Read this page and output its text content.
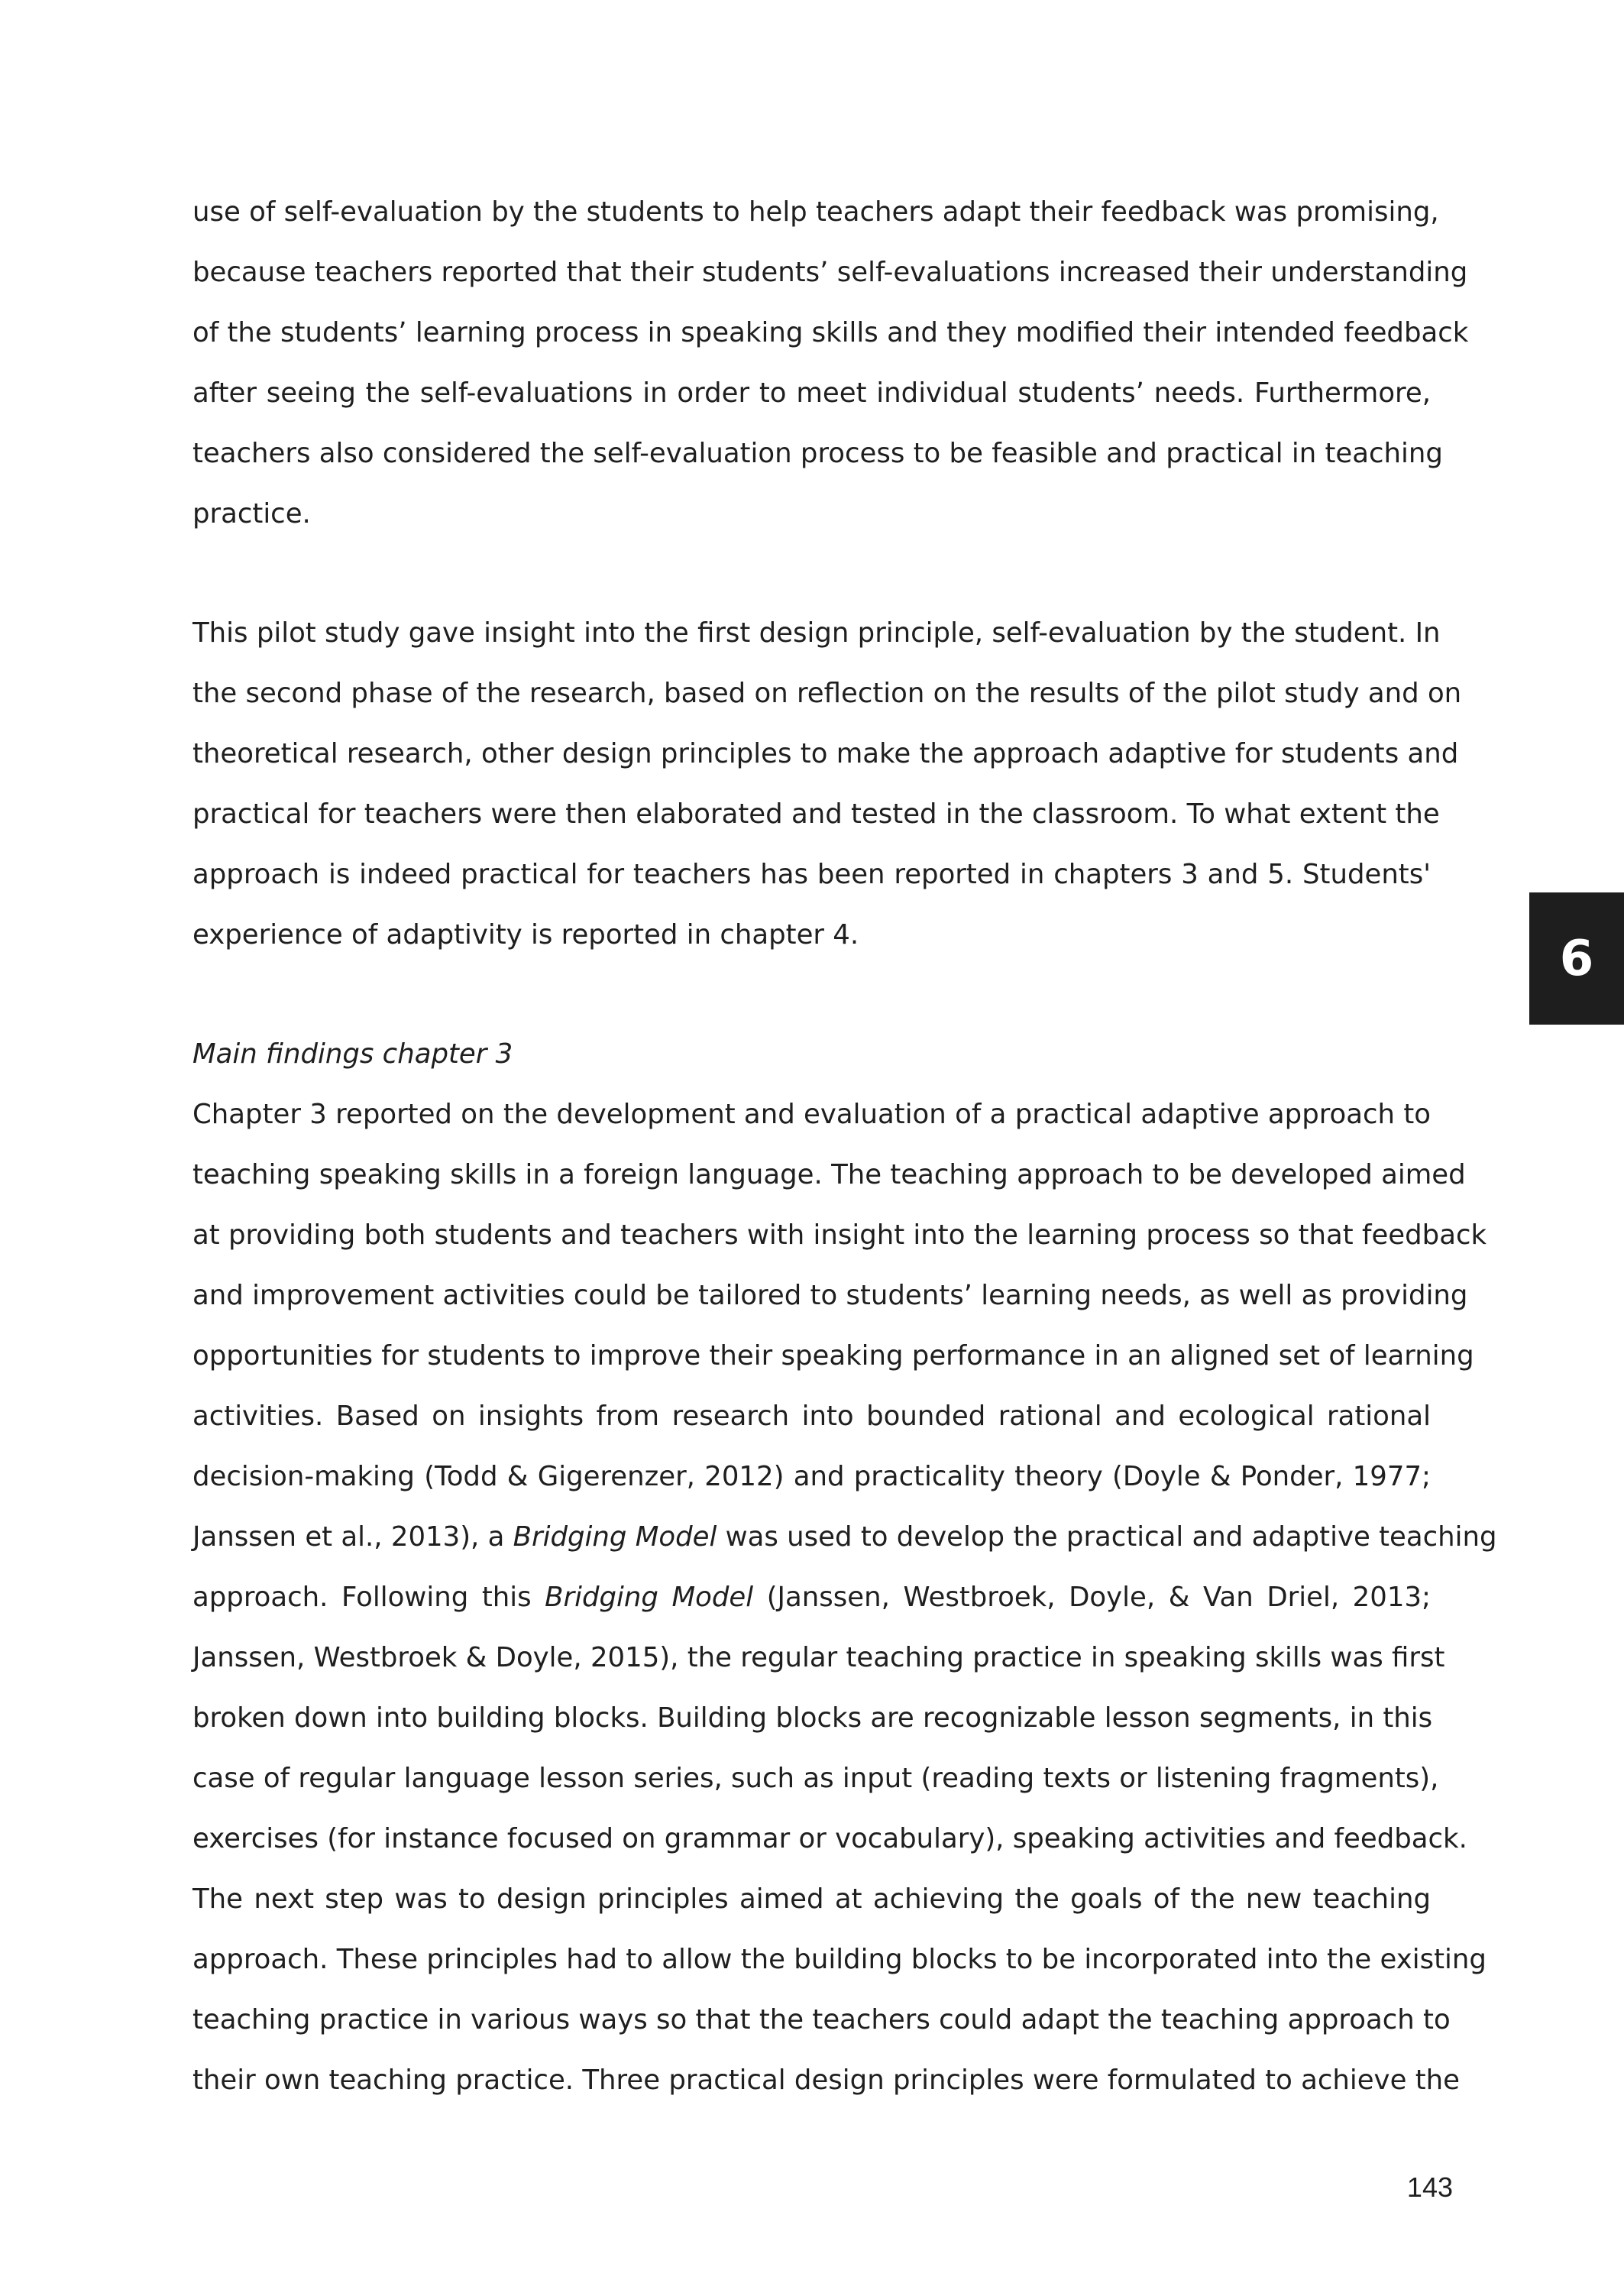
use of self-evaluation by the students to help teachers adapt their feedback was promising,
because teachers reported that their students’ self-evaluations increased their understanding
of the students’ learning process in speaking skills and they modified their intended feedback
after seeing the self-evaluations in order to meet individual students’ needs. Furthermore,
teachers also considered the self-evaluation process to be feasible and practical in teaching
practice.
This pilot study gave insight into the first design principle, self-evaluation by the student. In
the second phase of the research, based on reflection on the results of the pilot study and on
theoretical research, other design principles to make the approach adaptive for students and
practical for teachers were then elaborated and tested in the classroom. To what extent the
approach is indeed practical for teachers has been reported in chapters 3 and 5. Students'
experience of adaptivity is reported in chapter 4.
Main findings chapter 3
Chapter 3 reported on the development and evaluation of a practical adaptive approach to
teaching speaking skills in a foreign language. The teaching approach to be developed aimed
at providing both students and teachers with insight into the learning process so that feedback
and improvement activities could be tailored to students’ learning needs, as well as providing
opportunities for students to improve their speaking performance in an aligned set of learning
activities. Based on insights from research into bounded rational and ecological rational
decision-making (Todd & Gigerenzer, 2012) and practicality theory (Doyle & Ponder, 1977;
Janssen et al., 2013), a Bridging Model was used to develop the practical and adaptive teaching
approach. Following this Bridging Model (Janssen, Westbroek, Doyle, & Van Driel, 2013;
Janssen, Westbroek & Doyle, 2015), the regular teaching practice in speaking skills was first
broken down into building blocks. Building blocks are recognizable lesson segments, in this
case of regular language lesson series, such as input (reading texts or listening fragments),
exercises (for instance focused on grammar or vocabulary), speaking activities and feedback.
The next step was to design principles aimed at achieving the goals of the new teaching
approach. These principles had to allow the building blocks to be incorporated into the existing
teaching practice in various ways so that the teachers could adapt the teaching approach to
their own teaching practice. Three practical design principles were formulated to achieve the
6
143
